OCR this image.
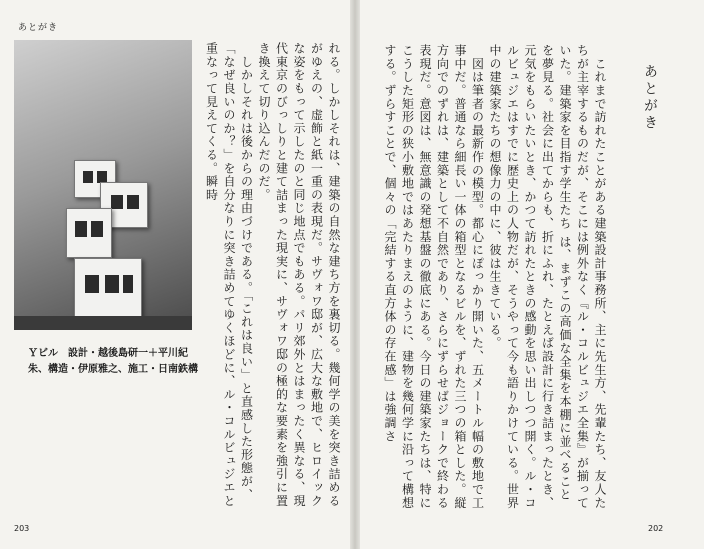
あとがき
Ｙビル　設計・越後島研一＋平川紀朱、構造・伊原雅之、施工・日南鉄構	れる。しかしそれは、建築の自然な建ち方を裏切る。幾何学の美を突き詰めるがゆえの、虚飾と紙一重の表現だ。サヴォワ邸が、広大な敷地で、ヒロイックな姿をもって示したのと同じ地点でもある。パリ郊外とはまったく異なる、現代東京のびっしりと建て詰まった現実に、サヴォワ邸の極的な要素を強引に置き換えて切り込んだのだ。
　しかしそれは後からの理由づけである。「これは良い」と直感した形態が、「なぜ良いのか？」を自分なりに突き詰めてゆくほどに、ル・コルビュジエと重なって見えてくる。瞬時	あとがき
　これまで訪れたことがある建築設計事務所、主に先生方、先輩たち、友人たちが主宰するものだが、そこには例外なく『ル・コルビュジエ全集』が揃っていた。建築家を目指す学生たち は、まずこの高価な全集を本棚に並べることを夢見る。社会に出てからも、折にふれ、たとえば設計に行き詰まったとき、元気をもらいたいとき、かつて訪れたときの感動を思い出しつつ開く。ル・コルビュジエはすでに歴史上の人物だが、そうやって今も語りかけている。世界中の建築家たちの想像力の中に、彼は生きている。
　図は筆者の最新作の模型。都心にぽっかり開いた、五メートル幅の敷地で工事中だ。普通なら細長い一体の箱型となるビルを、ずれた三つの箱とした。縦方向でのずれは、建築として不自然であり、さらにずらせばジョークで終わる表現だ。意図は、無意識の発想基盤の徹底にある。今日の建築家たちは、特にこうした矩形の狭小敷地ではあたりまえのように、建物を幾何学に沿って構想する。ずらすことで、個々の「完結する直方体の存在感」は強調さ
203	202
